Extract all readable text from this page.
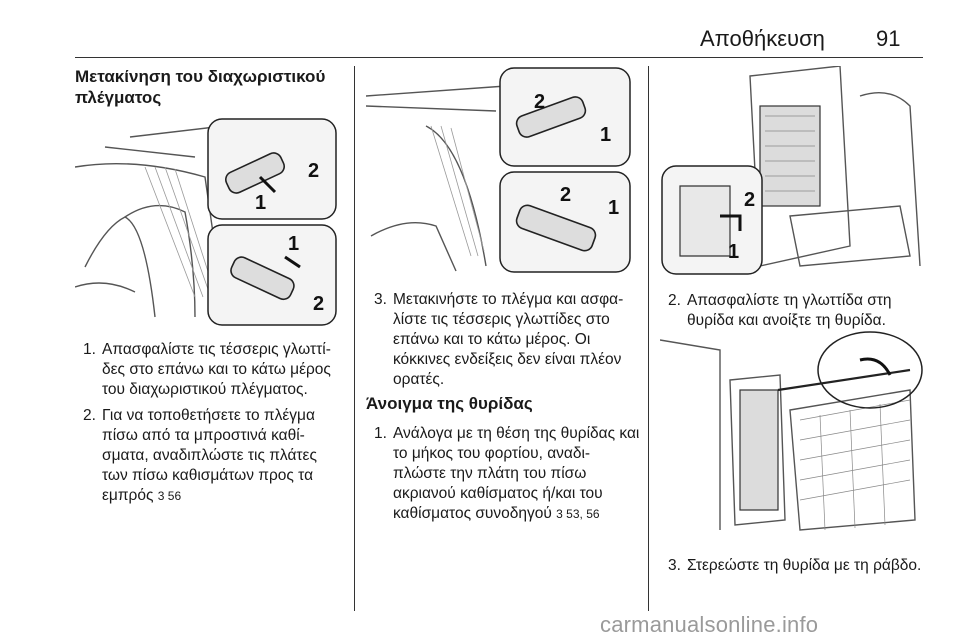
Αποθήκευση 91
Μετακίνηση του διαχωριστικού πλέγματος
2
1
1
2
1. Απασφαλίστε τις τέσσερις γλωττί-δες στο επάνω και το κάτω μέρος του διαχωριστικού πλέγματος.
2. Για να τοποθετήσετε το πλέγμα πίσω από τα μπροστινά καθί-σματα, αναδιπλώστε τις πλάτες των πίσω καθισμάτων προς τα εμπρός 3 56
2
1
2
1
3. Μετακινήστε το πλέγμα και ασφα-λίστε τις τέσσερις γλωττίδες στο επάνω και το κάτω μέρος. Οι κόκκινες ενδείξεις δεν είναι πλέον ορατές.
Άνοιγμα της θυρίδας
1. Ανάλογα με τη θέση της θυρίδας και το μήκος του φορτίου, αναδι-πλώστε την πλάτη του πίσω ακριανού καθίσματος ή/και του καθίσματος συνοδηγού 3 53, 56
2
1
2. Απασφαλίστε τη γλωττίδα στη θυρίδα και ανοίξτε τη θυρίδα.
3. Στερεώστε τη θυρίδα με τη ράβδο.
carmanualsonline.info
